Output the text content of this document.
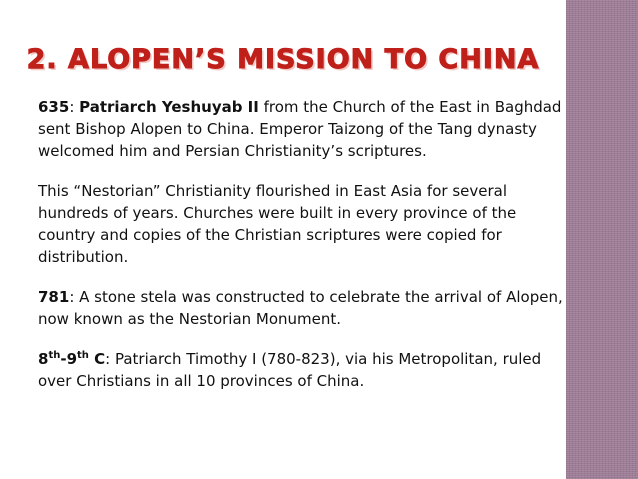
2. ALOPEN’S MISSION TO CHINA

635: Patriarch Yeshuyab II from the Church of the East in Baghdad sent Bishop Alopen to China. Emperor Taizong of the Tang dynasty welcomed him and Persian Christianity’s scriptures.

This “Nestorian” Christianity flourished in East Asia for several hundreds of years. Churches were built in every province of the country and copies of the Christian scriptures were copied for distribution.

781: A stone stela was constructed to celebrate the arrival of Alopen, now known as the Nestorian Monument.

8th-9th C: Patriarch Timothy I (780-823), via his Metropolitan, ruled over Christians in all 10 provinces of China.
